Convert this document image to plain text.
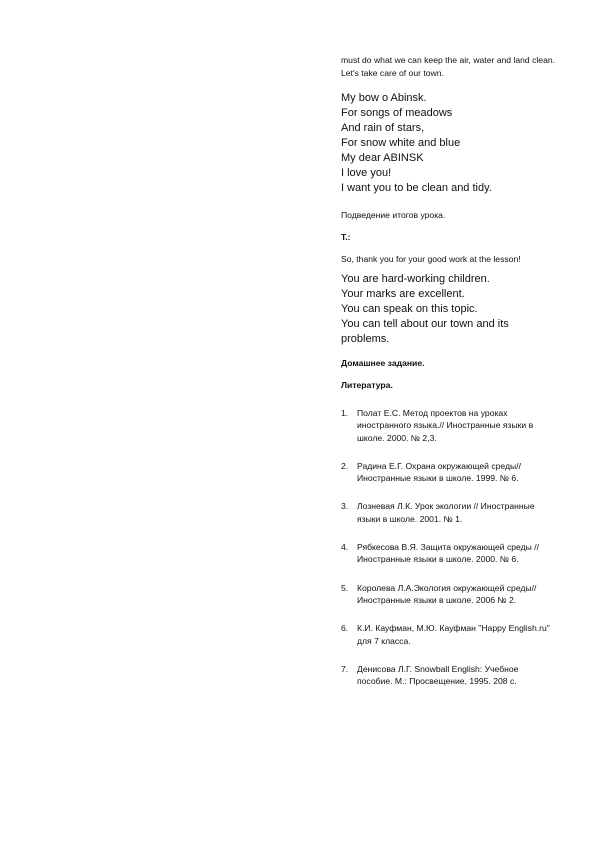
must do what we can keep the air, water and land clean. Let's take care of our town.

My bow o Abinsk.

For songs of meadows

And rain of stars,

For snow white and blue

My dear ABINSK

I love you!

I want you to be clean and tidy.

Подведение итогов урока.

T.:

So, thank you for your good work at the lesson!

You are hard-working children.

Your marks are excellent.

You can speak on this topic.

You can tell about our town and its problems.

Домашнее задание.

Литература.

1. Полат Е.С. Метод проектов на уроках иностранного языка.// Иностранные языки в школе. 2000. № 2,3.
2. Радина Е.Г. Охрана окружающей среды//Иностранные языки в школе. 1999. № 6.
3. Лозневая Л.К. Урок экологии // Иностранные языки в школе. 2001. № 1.
4. Рябкесова В.Я. Защита окружающей среды // Иностранные языки в школе. 2000. № 6.
5. Королева Л.А.Экология окружающей среды//Иностранные языки в школе. 2006 № 2.
6. К.И. Кауфман, М.Ю. Кауфман "Happy English.ru" для 7 класса.
7. Денисова Л.Г. Snowball English: Учебное пособие. М.: Просвещение, 1995. 208 с.
